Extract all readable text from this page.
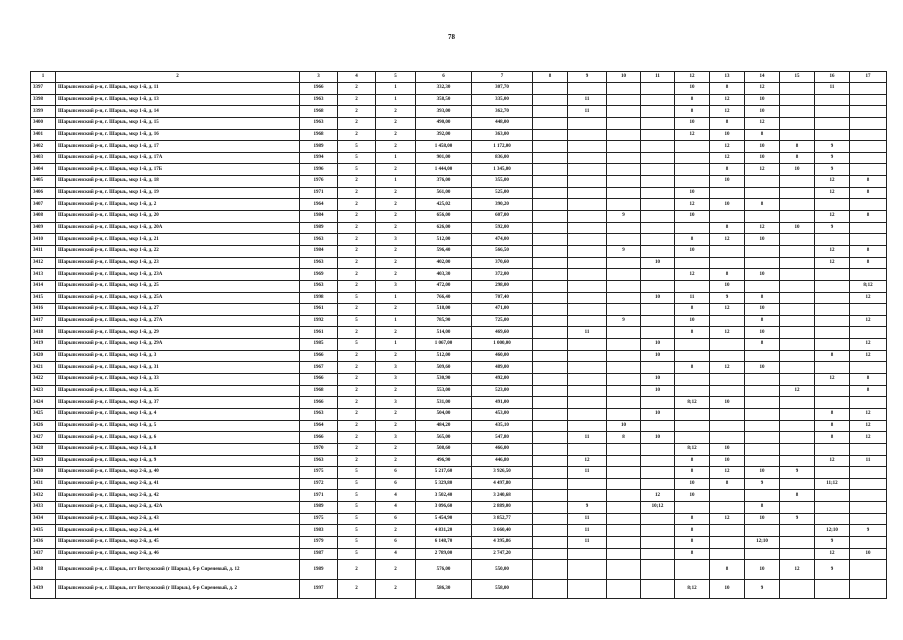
78
1	2	3	4	5	6	7	8	9	10	11	12	13	14	15	16	17
3397	Шарыпсенский р-н, г. Шарыь, мкр 1-й, д. 11	1966	2	1	332,30	307,70					10	8	12		11	
3398	Шарыпсенский р-н, г. Шарыь, мкр 1-й, д. 13	1963	2	1	358,50	335,00		11			8	12	10			
3399	Шарыпсенский р-н, г. Шарыь, мкр 1-й, д. 14	1968	2	2	393,00	362,70		11			8	12	10			
3400	Шарыпсенский р-н, г. Шарыь, мкр 1-й, д. 15	1963	2	2	490,00	448,00					10	8	12			
3401	Шарыпсенский р-н, г. Шарыь, мкр 1-й, д. 16	1968	2	2	392,00	363,00					12	10	8			
3402	Шарыпсенский р-н, г. Шарыь, мкр 1-й, д. 17	1989	5	2	1 458,00	1 172,00						12	10	8	9	
3403	Шарыпсенский р-н, г. Шарыь, мкр 1-й, д. 17А	1994	5	1	901,00	836,00						12	10	8	9	
3404	Шарыпсенский р-н, г. Шарыь, мкр 1-й, д. 17Б	1996	5	2	1 444,00	1 345,00						8	12	10	9	
3405	Шарыпсенский р-н, г. Шарыь, мкр 1-й, д. 18	1976	2	1	376,00	355,00						10			12	8
3406	Шарыпсенский р-н, г. Шарыь, мкр 1-й, д. 19	1971	2	2	561,00	525,00					10				12	8
3407	Шарыпсенский р-н, г. Шарыь, мкр 1-й, д. 2	1964	2	2	425,02	390,20					12	10	8			
3408	Шарыпсенский р-н, г. Шарыь, мкр 1-й, д. 20	1984	2	2	656,00	607,00			9		10				12	8
3409	Шарыпсенский р-н, г. Шарыь, мкр 1-й, д. 20А	1989	2	2	626,00	592,00						8	12	10	9	
3410	Шарыпсенский р-н, г. Шарыь, мкр 1-й, д. 21	1963	2	3	512,00	474,00					8	12	10			
3411	Шарыпсенский р-н, г. Шарыь, мкр 1-й, д. 22	1984	2	2	596,40	566,50			9		10				12	8
3412	Шарыпсенский р-н, г. Шарыь, мкр 1-й, д. 23	1963	2	2	402,00	370,60				10					12	8
3413	Шарыпсенский р-н, г. Шарыь, мкр 1-й, д. 23А	1969	2	2	403,30	372,00					12	8	10			
3414	Шарыпсенский р-н, г. Шарыь, мкр 1-й, д. 25	1963	2	3	472,00	298,00						10				8;12
3415	Шарыпсенский р-н, г. Шарыь, мкр 1-й, д. 25А	1998	5	1	766,40	707,40				10	11	9	8			12
3416	Шарыпсенский р-н, г. Шарыь, мкр 1-й, д. 27	1961	2	2	518,00	471,00					8	12	10			
3417	Шарыпсенский р-н, г. Шарыь, мкр 1-й, д. 27А	1992	5	1	785,90	725,00			9		10		8			12
3418	Шарыпсенский р-н, г. Шарыь, мкр 1-й, д. 29	1961	2	2	514,00	469,60		11			8	12	10			
3419	Шарыпсенский р-н, г. Шарыь, мкр 1-й, д. 29А	1985	5	1	1 067,00	1 000,00				10			8			12
3420	Шарыпсенский р-н, г. Шарыь, мкр 1-й, д. 3	1966	2	2	512,00	460,00				10					8	12
3421	Шарыпсенский р-н, г. Шарыь, мкр 1-й, д. 31	1967	2	3	509,60	489,00					8	12	10			
3422	Шарыпсенский р-н, г. Шарыь, мкр 1-й, д. 33	1966	2	3	530,90	492,00				10					12	8
3423	Шарыпсенский р-н, г. Шарыь, мкр 1-й, д. 35	1968	2	2	553,00	523,00				10				12		8
3424	Шарыпсенский р-н, г. Шарыь, мкр 1-й, д. 37	1966	2	3	531,00	491,00					8;12	10				
3425	Шарыпсенский р-н, г. Шарыь, мкр 1-й, д. 4	1963	2	2	504,00	453,00				10					8	12
3426	Шарыпсенский р-н, г. Шарыь, мкр 1-й, д. 5	1964	2	2	484,20	435,10			10						8	12
3427	Шарыпсенский р-н, г. Шарыь, мкр 1-й, д. 6	1966	2	3	565,00	547,80		11	8	10					8	12
3428	Шарыпсенский р-н, г. Шарыь, мкр 1-й, д. 8	1970	2	2	508,60	466,00					8;12	10				
3429	Шарыпсенский р-н, г. Шарыь, мкр 1-й, д. 9	1963	2	2	496,90	446,80		12			8	10			12	11
3430	Шарыпсенский р-н, г. Шарыь, мкр 2-й, д. 40	1975	5	6	5 217,60	3 926,50		11			8	12	10	9		
3431	Шарыпсенский р-н, г. Шарыь, мкр 2-й, д. 41	1972	5	6	5 329,80	4 497,80					10	8	9		11;12	
3432	Шарыпсенский р-н, г. Шарыь, мкр 2-й, д. 42	1971	5	4	3 502,40	3 240,68				12	10			8		
3433	Шарыпсенский р-н, г. Шарыь, мкр 2-й, д. 42А	1989	5	4	3 096,60	2 889,00		9		10;12			8			
3434	Шарыпсенский р-н, г. Шарыь, мкр 2-й, д. 43	1975	5	6	5 454,90	3 852,77		11			8	12	10	9		
3435	Шарыпсенский р-н, г. Шарыь, мкр 2-й, д. 44	1983	5	2	4 831,20	3 660,40		11			8				12;10	9
3436	Шарыпсенский р-н, г. Шарыь, мкр 2-й, д. 45	1979	5	6	6 148,70	4 395,86		11			8		12;10		9	
3437	Шарыпсенский р-н, г. Шарыь, мкр 2-й, д. 46	1987	5	4	2 789,00	2 747,20					8				12	10
3438	Шарыпсенский р-н, г. Шарыь, пгт Вегхужский (г Шарыь), б-р Сиреневый, д. 12	1989	2	2	576,00	550,00						8	10	12	9	
3439	Шарыпсенский р-н, г. Шарыь, пгт Вегхужский (г Шарыь), б-р Сиреневый, д. 2	1997	2	2	586,30	558,00					8;12	10	9			
